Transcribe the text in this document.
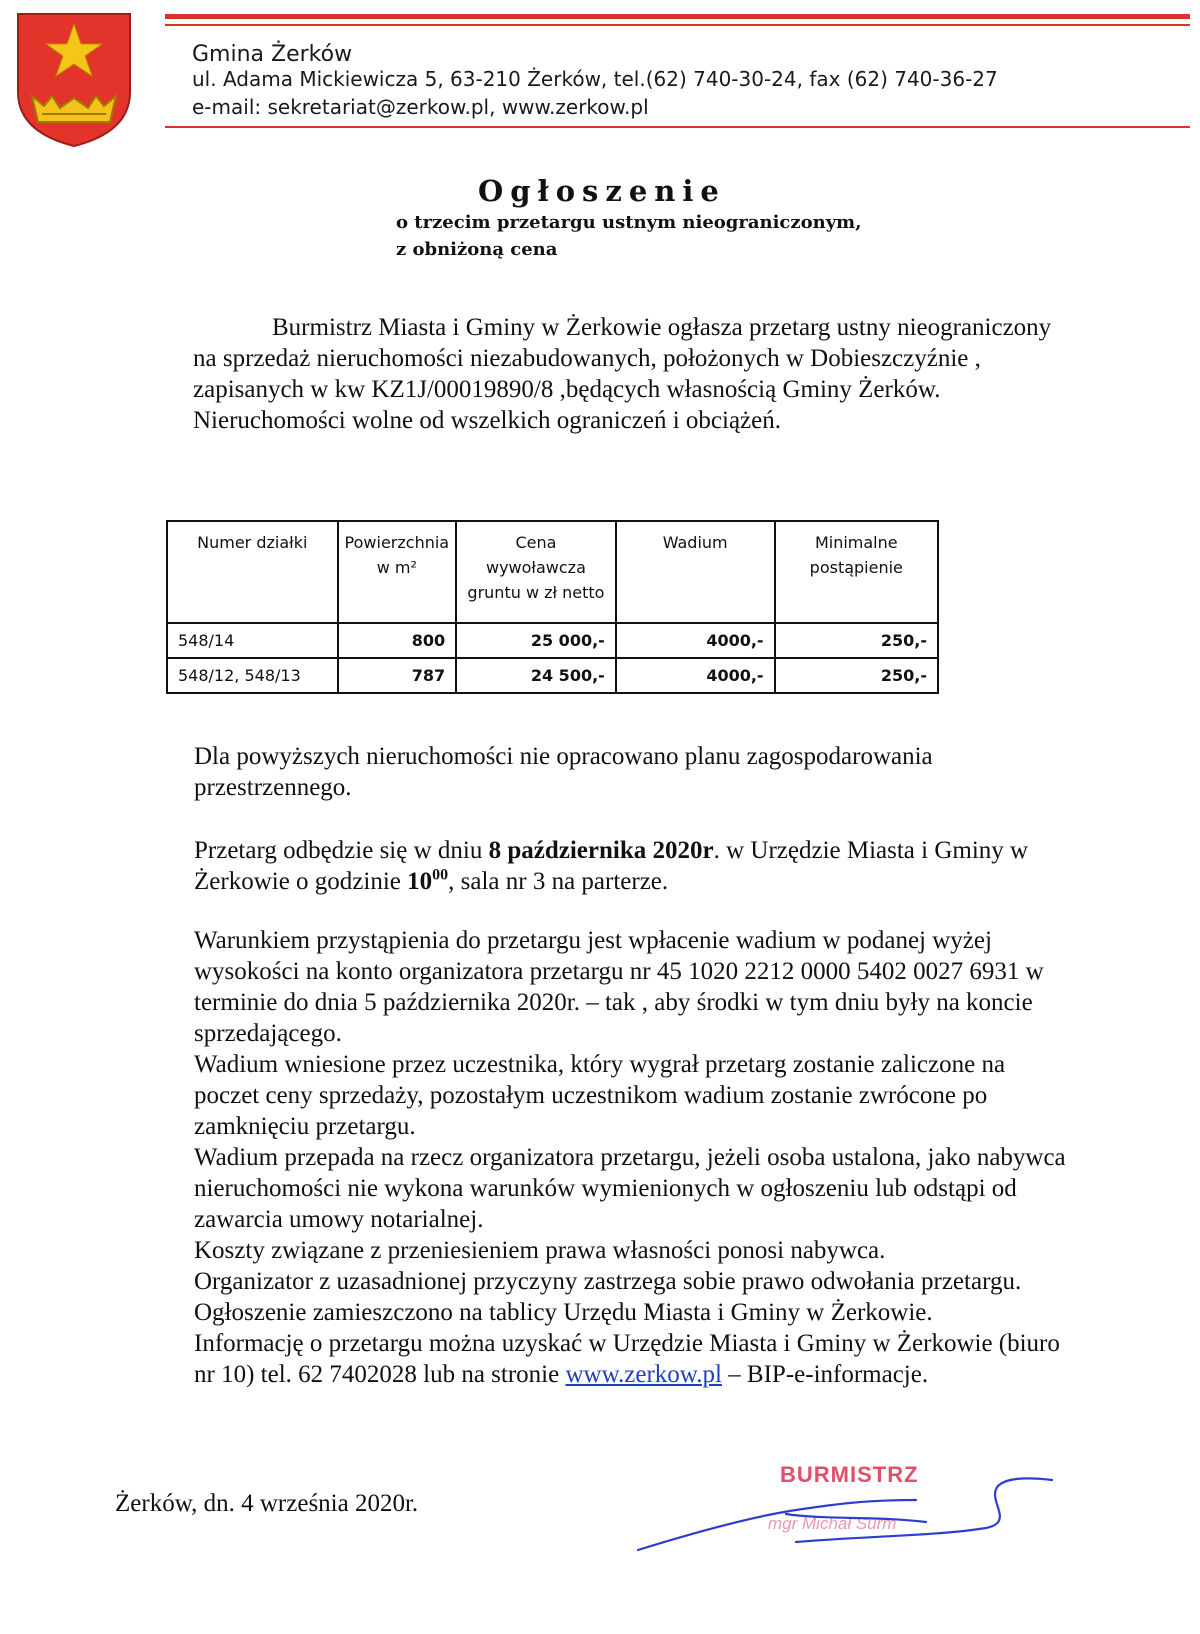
Gmina Żerków
ul. Adama Mickiewicza 5, 63-210 Żerków, tel.(62) 740-30-24, fax (62) 740-36-27
e-mail: sekretariat@zerkow.pl, www.zerkow.pl
Ogłoszenie
o trzecim przetargu ustnym nieograniczonym,
z obniżoną cena

Burmistrz Miasta i Gminy w Żerkowie ogłasza przetarg ustny nieograniczony na sprzedaż nieruchomości niezabudowanych, położonych w Dobieszczyźnie , zapisanych w kw KZ1J/00019890/8 ,będących własnością Gminy Żerków.

Nieruchomości wolne od wszelkich ograniczeń i obciążeń.

Numer działki	Powierzchnia w m²	Cena wywoławcza gruntu w zł netto	Wadium	Minimalne postąpienie
548/14	800	25 000,-	4000,-	250,-
548/12, 548/13	787	24 500,-	4000,-	250,-

Dla powyższych nieruchomości nie opracowano planu zagospodarowania przestrzennego.

Przetarg odbędzie się w dniu 8 października 2020r. w Urzędzie Miasta i Gminy w Żerkowie o godzinie $10^{00}$, sala nr 3 na parterze.

Warunkiem przystąpienia do przetargu jest wpłacenie wadium w podanej wyżej wysokości na konto organizatora przetargu nr 45 1020 2212 0000 5402 0027 6931 w terminie do dnia 5 października 2020r. – tak , aby środki w tym dniu były na koncie sprzedającego.

Wadium wniesione przez uczestnika, który wygrał przetarg zostanie zaliczone na poczet ceny sprzedaży, pozostałym uczestnikom wadium zostanie zwrócone po zamknięciu przetargu.

Wadium przepada na rzecz organizatora przetargu, jeżeli osoba ustalona, jako nabywca nieruchomości nie wykona warunków wymienionych w ogłoszeniu lub odstąpi od zawarcia umowy notarialnej.

Koszty związane z przeniesieniem prawa własności ponosi nabywca.

Organizator z uzasadnionej przyczyny zastrzega sobie prawo odwołania przetargu.

Ogłoszenie zamieszczono na tablicy Urzędu Miasta i Gminy w Żerkowie.

Informację o przetargu można uzyskać w Urzędzie Miasta i Gminy w Żerkowie (biuro nr 10) tel. 62 7402028 lub na stronie www.zerkow.pl – BIP-e-informacje.

Żerków, dn. 4 września 2020r.
BURMISTRZ
mgr Michał Surm
